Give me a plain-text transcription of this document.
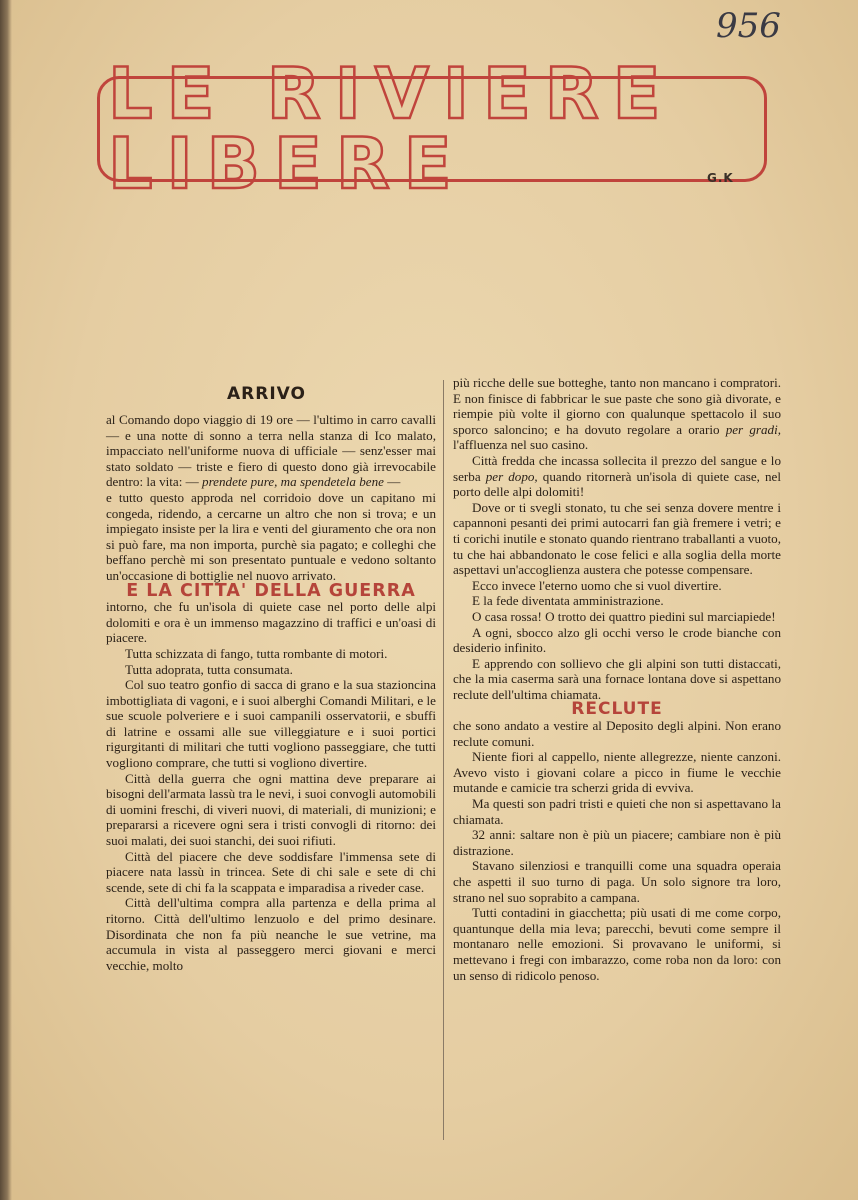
956
LE RIVIERE LIBERE	G.K
ARRIVO

al Comando dopo viaggio di 19 ore — l'ultimo in carro cavalli — e una notte di sonno a terra nella stanza di Ico malato, impacciato nell'uniforme nuova di ufficiale — senz'esser mai stato soldato — triste e fiero di questo dono già irrevocabile dentro: la vita: — prendete pure, ma spendetela bene —

e tutto questo approda nel corridoio dove un capitano mi congeda, ridendo, a cercarne un altro che non si trova; e un impiegato insiste per la lira e venti del giuramento che ora non si può fare, ma non importa, purchè sia pagato; e colleghi che beffano perchè mi son presentato puntuale e vedono soltanto un'occasione di bottiglie nel nuovo arrivato.

E LA CITTA' DELLA GUERRA

intorno, che fu un'isola di quiete case nel porto delle alpi dolomiti e ora è un immenso magazzino di traffici e un'oasi di piacere.

Tutta schizzata di fango, tutta rombante di motori.

Tutta adoprata, tutta consumata.

Col suo teatro gonfio di sacca di grano e la sua stazioncina imbottigliata di vagoni, e i suoi alberghi Comandi Militari, e le sue scuole polveriere e i suoi campanili osservatorii, e sbuffi di latrine e ossami alle sue villeggiature e i suoi portici rigurgitanti di militari che tutti vogliono passeggiare, che tutti vogliono comprare, che tutti si vogliono divertire.

Città della guerra che ogni mattina deve preparare ai bisogni dell'armata lassù tra le nevi, i suoi convogli automobili di uomini freschi, di viveri nuovi, di materiali, di munizioni; e prepararsi a ricevere ogni sera i tristi convogli di ritorno: dei suoi malati, dei suoi stanchi, dei suoi rifiuti.

Città del piacere che deve soddisfare l'immensa sete di piacere nata lassù in trincea. Sete di chi sale e sete di chi scende, sete di chi fa la scappata e imparadisa a riveder case.

Città dell'ultima compra alla partenza e della prima al ritorno. Città dell'ultimo lenzuolo e del primo desinare. Disordinata che non fa più neanche le sue vetrine, ma accumula in vista al passeggero merci giovani e merci vecchie, molto

più ricche delle sue botteghe, tanto non mancano i compratori. E non finisce di fabbricar le sue paste che sono già divorate, e riempie più volte il giorno con qualunque spettacolo il suo sporco saloncino; e ha dovuto regolare a orario per gradi, l'affluenza nel suo casino.

Città fredda che incassa sollecita il prezzo del sangue e lo serba per dopo, quando ritornerà un'isola di quiete case, nel porto delle alpi dolomiti!

Dove or ti svegli stonato, tu che sei senza dovere mentre i capannoni pesanti dei primi autocarri fan già fremere i vetri; e ti corichi inutile e stonato quando rientrano traballanti a vuoto, tu che hai abbandonato le cose felici e alla soglia della morte aspettavi un'accoglienza austera che potesse compensare.

Ecco invece l'eterno uomo che si vuol divertire.

E la fede diventata amministrazione.

O casa rossa! O trotto dei quattro piedini sul marciapiede!

A ogni, sbocco alzo gli occhi verso le crode bianche con desiderio infinito.

E apprendo con sollievo che gli alpini son tutti distaccati, che la mia caserma sarà una fornace lontana dove si aspettano reclute dell'ultima chiamata.

RECLUTE

che sono andato a vestire al Deposito degli alpini. Non erano reclute comuni.

Niente fiori al cappello, niente allegrezze, niente canzoni. Avevo visto i giovani colare a picco in fiume le vecchie mutande e camicie tra scherzi grida di evviva.

Ma questi son padri tristi e quieti che non si aspettavano la chiamata.

32 anni: saltare non è più un piacere; cambiare non è più distrazione.

Stavano silenziosi e tranquilli come una squadra operaia che aspetti il suo turno di paga. Un solo signore tra loro, strano nel suo soprabito a campana.

Tutti contadini in giacchetta; più usati di me come corpo, quantunque della mia leva; parecchi, bevuti come sempre il montanaro nelle emozioni. Si provavano le uniformi, si mettevano i fregi con imbarazzo, come roba non da loro: con un senso di ridicolo penoso.
